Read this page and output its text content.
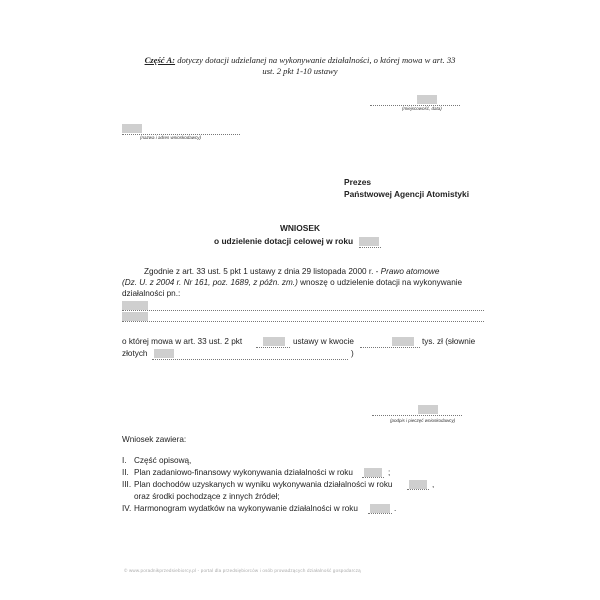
Część A: dotyczy dotacji udzielanej na wykonywanie działalności, o której mowa w art. 33
ust. 2 pkt 1-10 ustawy
(miejscowość, data)
(nazwa i adres wnioskodawcy)
Prezes
Państwowej Agencji Atomistyki
WNIOSEK
o udzielenie dotacji celowej w roku
Zgodnie z art. 33 ust. 5 pkt 1 ustawy z dnia 29 listopada 2000 r. - Prawo atomowe
(Dz. U. z 2004 r. Nr 161, poz. 1689, z późn. zm.) wnoszę o udzielenie dotacji na wykonywanie
działalności pn.:
o której mowa w art. 33 ust. 2 pkt	ustawy w kwocie	tys. zł (słownie
złotych	)
(podpis i pieczęć wnioskodawcy)
Wniosek zawiera:
I. Część opisową,
II. Plan zadaniowo-finansowy wykonywania działalności w roku	;
III. Plan dochodów uzyskanych w wyniku wykonywania działalności w roku	,
oraz środki pochodzące z innych źródeł;
IV. Harmonogram wydatków na wykonywanie działalności w roku	.
© www.poradnikprzedsiebiorcy.pl - portal dla przedsiębiorców i osób prowadzących działalność gospodarczą
